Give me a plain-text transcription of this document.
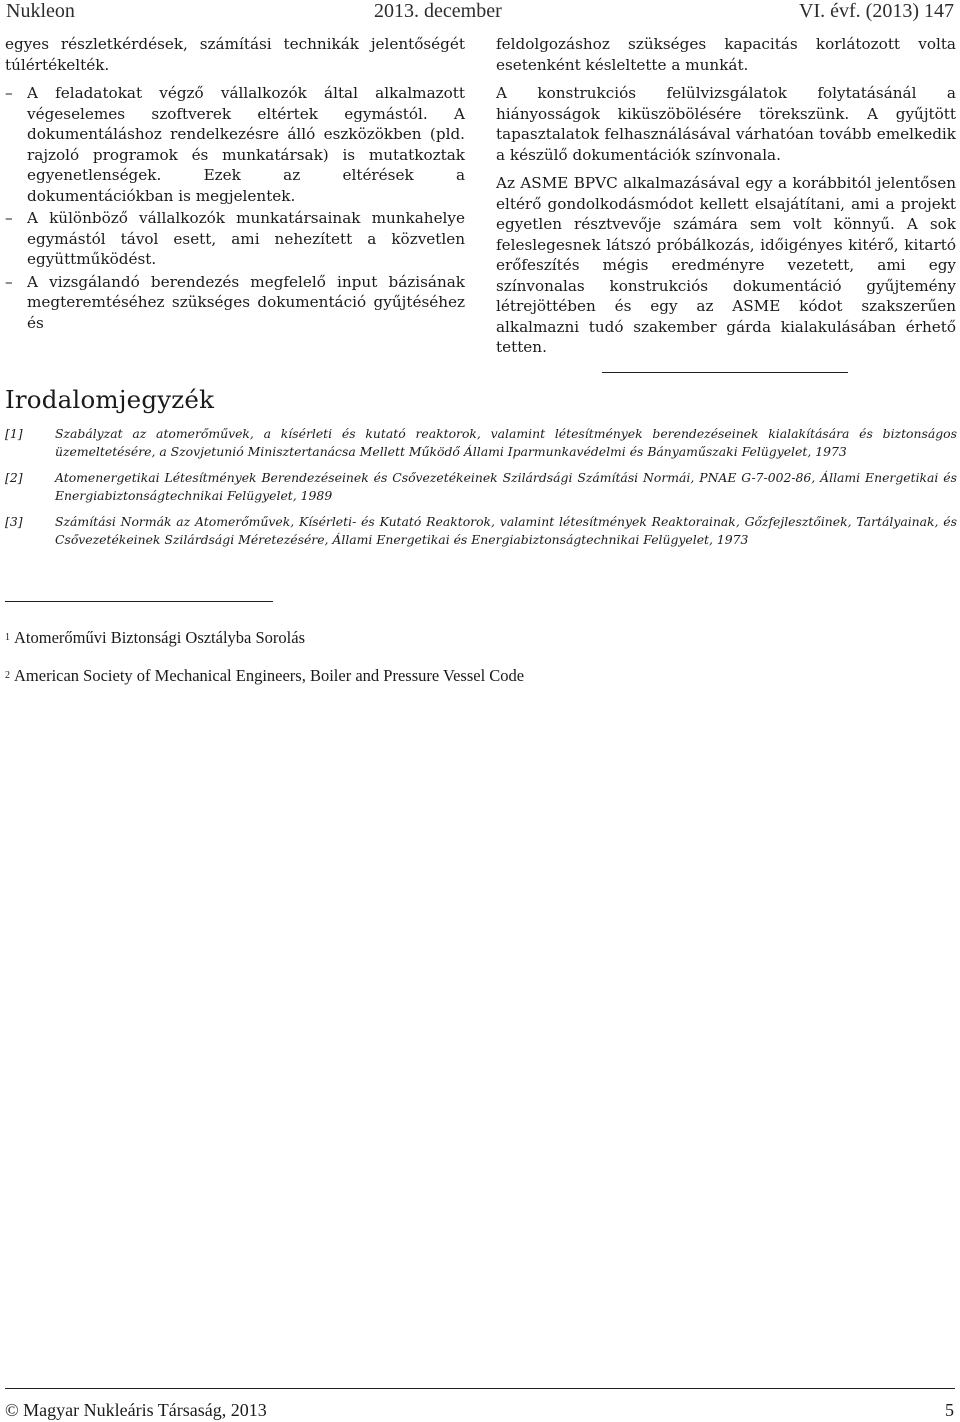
Nukleon	2013. december	VI. évf. (2013) 147

egyes részletkérdések, számítási technikák jelentőségét túlértékelték.

– A feladatokat végző vállalkozók által alkalmazott végeselemes szoftverek eltértek egymástól. A dokumentáláshoz rendelkezésre álló eszközökben (pld. rajzoló programok és munkatársak) is mutatkoztak egyenetlenségek. Ezek az eltérések a dokumentációkban is megjelentek.
– A különböző vállalkozók munkatársainak munkahelye egymástól távol esett, ami nehezített a közvetlen együttműködést.
– A vizsgálandó berendezés megfelelő input bázisának megteremtéséhez szükséges dokumentáció gyűjtéséhez és

feldolgozáshoz szükséges kapacitás korlátozott volta esetenként késleltette a munkát.

A konstrukciós felülvizsgálatok folytatásánál a hiányosságok kiküszöbölésére törekszünk. A gyűjtött tapasztalatok felhasználásával várhatóan tovább emelkedik a készülő dokumentációk színvonala.

Az ASME BPVC alkalmazásával egy a korábbitól jelentősen eltérő gondolkodásmódot kellett elsajátítani, ami a projekt egyetlen résztvevője számára sem volt könnyű. A sok feleslegesnek látszó próbálkozás, időigényes kitérő, kitartó erőfeszítés mégis eredményre vezetett, ami egy színvonalas konstrukciós dokumentáció gyűjtemény létrejöttében és egy az ASME kódot szakszerűen alkalmazni tudó szakember gárda kialakulásában érhető tetten.

Irodalomjegyzék
[1]	Szabályzat az atomerőművek, a kísérleti és kutató reaktorok, valamint létesítmények berendezéseinek kialakítására és biztonságos üzemeltetésére, a Szovjetunió Minisztertanácsa Mellett Működő Állami Iparmunkavédelmi és Bányaműszaki Felügyelet, 1973
[2]	Atomenergetikai Létesítmények Berendezéseinek és Csővezetékeinek Szilárdsági Számítási Normái, PNAE G-7-002-86, Állami Energetikai és Energiabiztonságtechnikai Felügyelet, 1989
[3]	Számítási Normák az Atomerőművek, Kísérleti- és Kutató Reaktorok, valamint létesítmények Reaktorainak, Gőzfejlesztőinek, Tartályainak, és Csővezetékeinek Szilárdsági Méretezésére, Állami Energetikai és Energiabiztonságtechnikai Felügyelet, 1973
$^1$ Atomerőművi Biztonsági Osztályba Sorolás
$^2$ American Society of Mechanical Engineers, Boiler and Pressure Vessel Code
© Magyar Nukleáris Társaság, 2013	5
